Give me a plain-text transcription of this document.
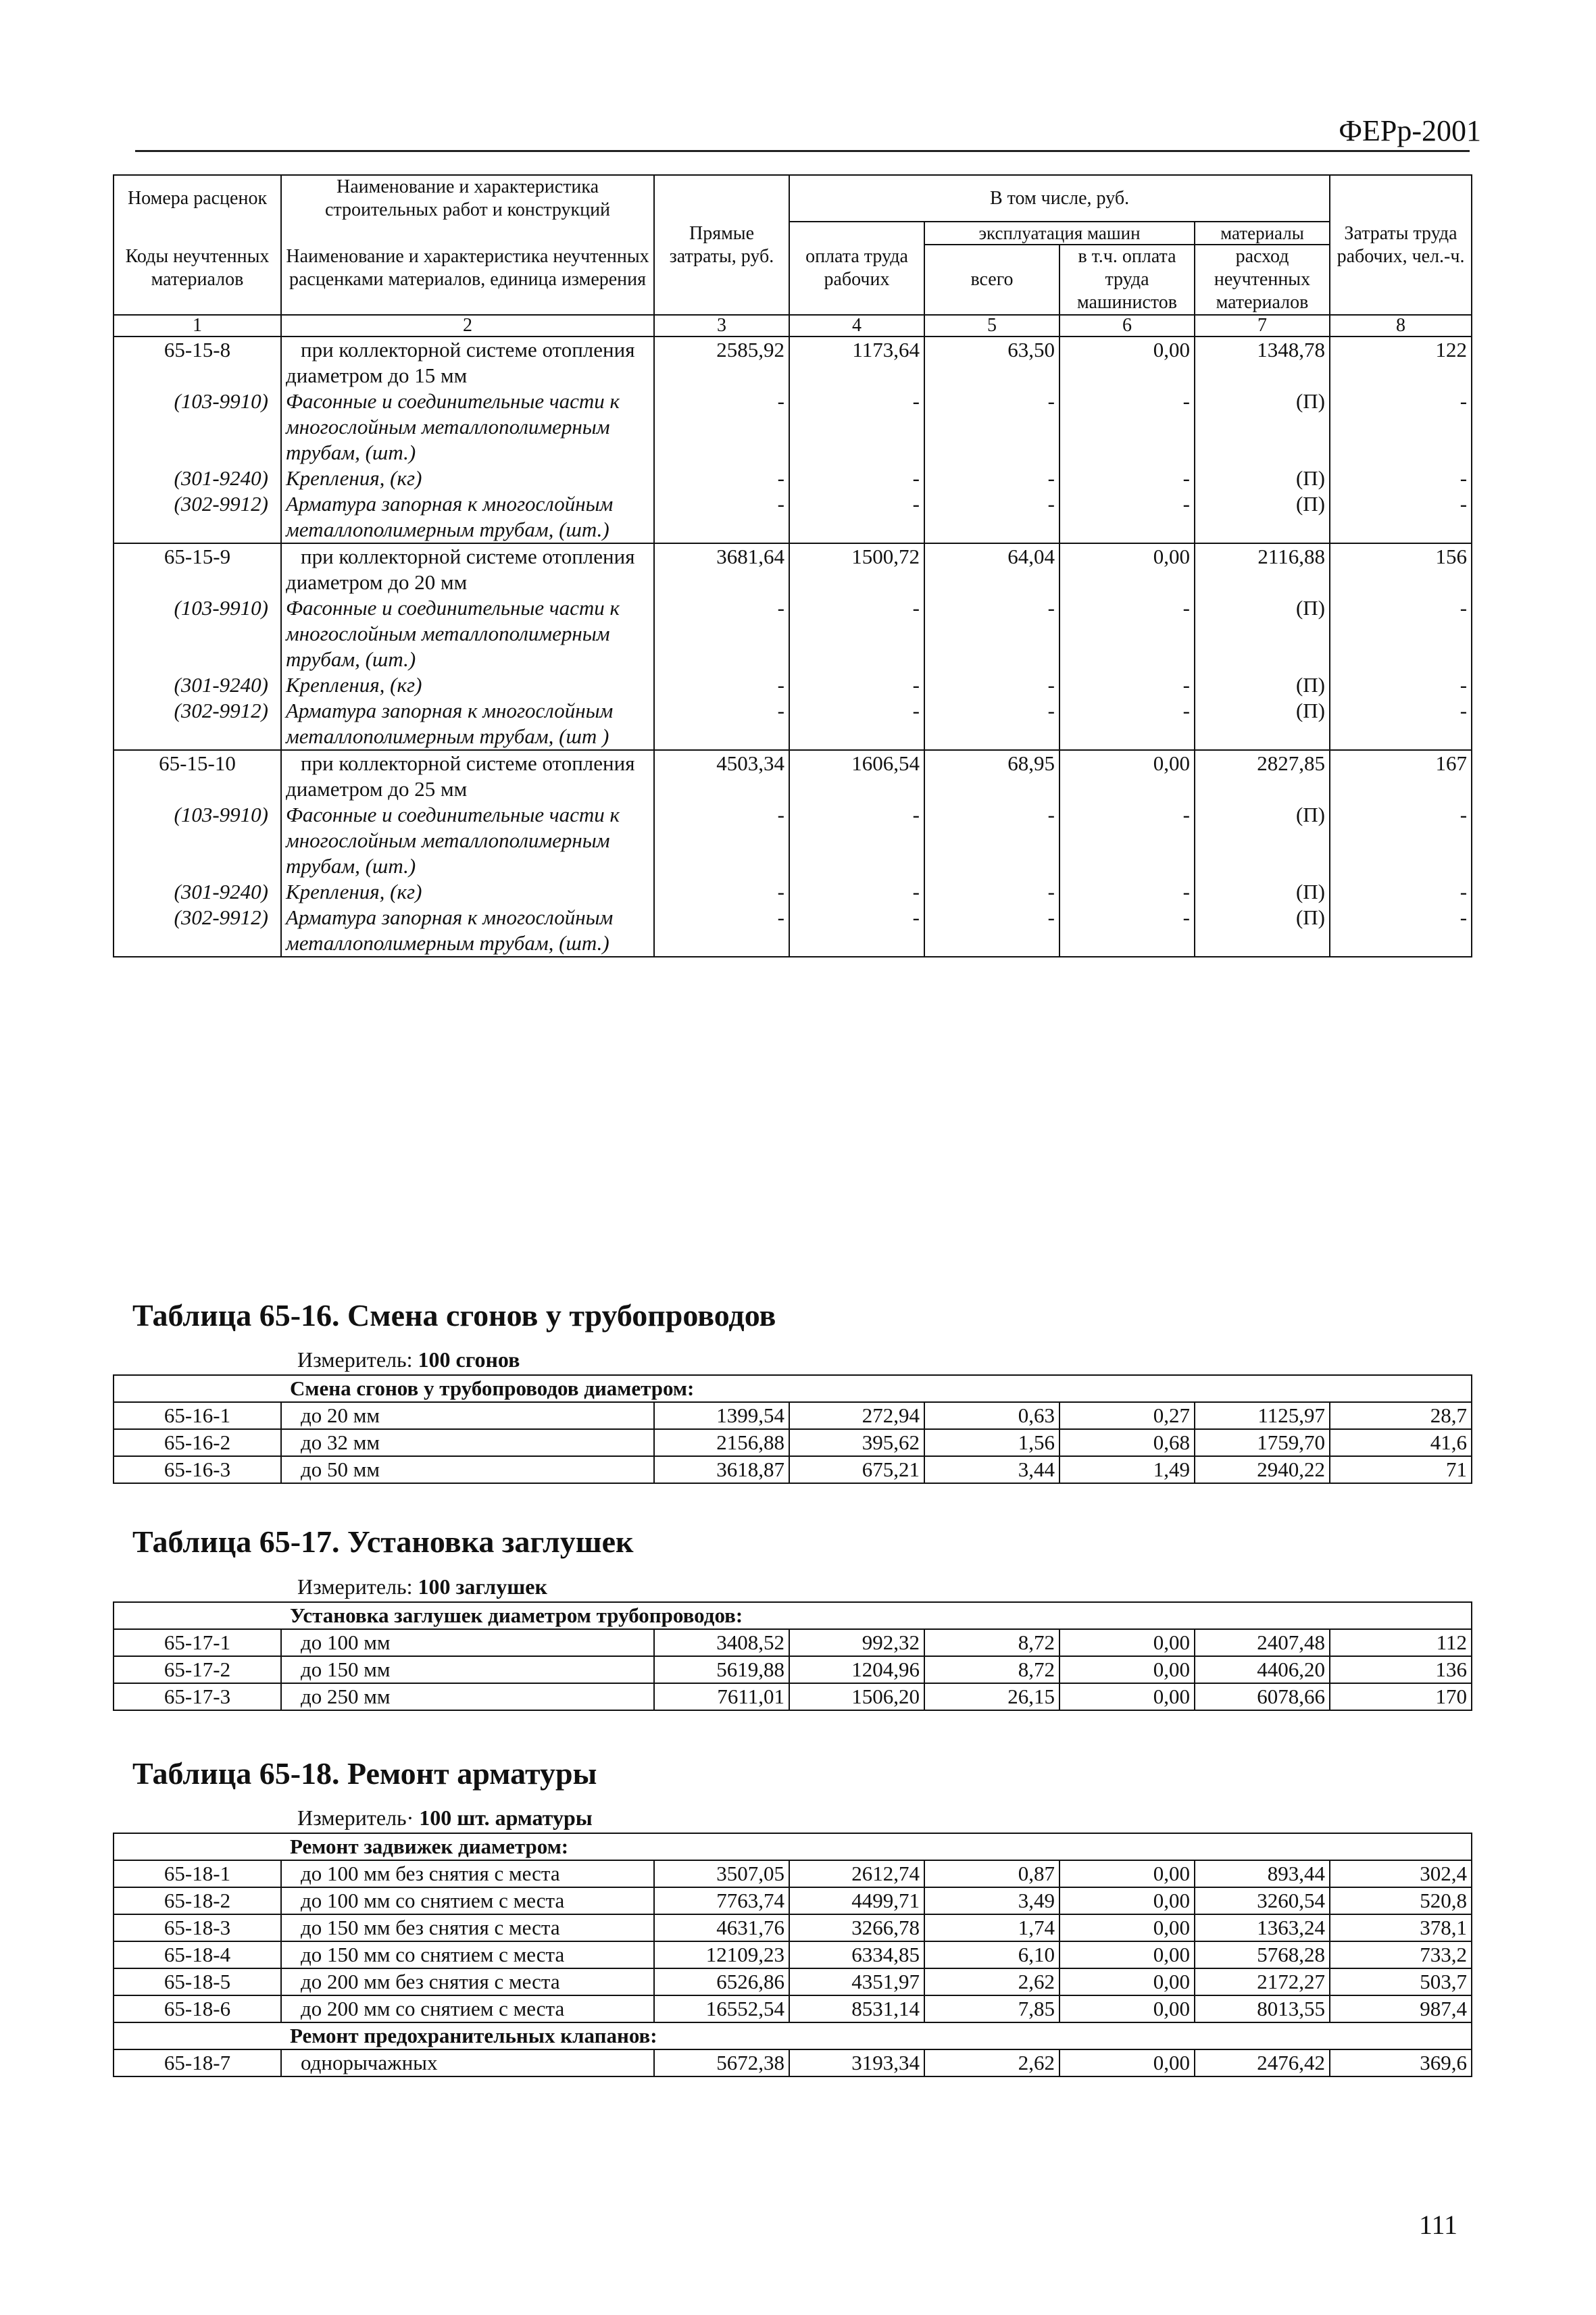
ФЕРр-2001
Номера расценок	Наименование и характеристика строительных работ и конструкций	Прямые затраты, руб.	В том числе, руб.				Затраты труда рабочих, чел.-ч.
Коды неучтенных материалов	Наименование и характеристика неучтенных расценками материалов, единица измерения		оплата труда рабочих	эксплуатация машин		материалы	
				всего	в т.ч. оплата труда машинистов	расход неучтенных материалов	

1	2	3	4	5	6	7	8
65-15-8	при коллекторной системе отопления диаметром до 15 мм	2585,92	1173,64	63,50	0,00	1348,78	122
(103-9910)	Фасонные и соединительные части к многослойным металлополимерным трубам, (шт.)	-	-	-	-	(П)	-
(301-9240)	Крепления, (кг)	-	-	-	-	(П)	-
(302-9912)	Арматура запорная к многослойным металлополимерным трубам, (шт.)	-	-	-	-	(П)	-
65-15-9	при коллекторной системе отопления диаметром до 20 мм	3681,64	1500,72	64,04	0,00	2116,88	156
(103-9910)	Фасонные и соединительные части к многослойным металлополимерным трубам, (шт.)	-	-	-	-	(П)	-
(301-9240)	Крепления, (кг)	-	-	-	-	(П)	-
(302-9912)	Арматура запорная к многослойным металлополимерным трубам, (шт )	-	-	-	-	(П)	-
65-15-10	при коллекторной системе отопления диаметром до 25 мм	4503,34	1606,54	68,95	0,00	2827,85	167
(103-9910)	Фасонные и соединительные части к многослойным металлополимерным трубам, (шт.)	-	-	-	-	(П)	-
(301-9240)	Крепления, (кг)	-	-	-	-	(П)	-
(302-9912)	Арматура запорная к многослойным металлополимерным трубам, (шт.)	-	-	-	-	(П)	-
Таблица 65-16. Смена сгонов у трубопроводов
Измеритель: 100 сгонов
Смена сгонов у трубопроводов диаметром:							
65-16-1	до 20 мм	1399,54	272,94	0,63	0,27	1125,97	28,7
65-16-2	до 32 мм	2156,88	395,62	1,56	0,68	1759,70	41,6
65-16-3	до 50 мм	3618,87	675,21	3,44	1,49	2940,22	71
Таблица 65-17. Установка заглушек
Измеритель: 100 заглушек
Установка заглушек диаметром трубопроводов:							
65-17-1	до 100 мм	3408,52	992,32	8,72	0,00	2407,48	112
65-17-2	до 150 мм	5619,88	1204,96	8,72	0,00	4406,20	136
65-17-3	до 250 мм	7611,01	1506,20	26,15	0,00	6078,66	170
Таблица 65-18. Ремонт арматуры
Измеритель· 100 шт. арматуры
Ремонт задвижек диаметром:							
65-18-1	до 100 мм без снятия с места	3507,05	2612,74	0,87	0,00	893,44	302,4
65-18-2	до 100 мм со снятием с места	7763,74	4499,71	3,49	0,00	3260,54	520,8
65-18-3	до 150 мм без снятия с места	4631,76	3266,78	1,74	0,00	1363,24	378,1
65-18-4	до 150 мм со снятием с места	12109,23	6334,85	6,10	0,00	5768,28	733,2
65-18-5	до 200 мм без снятия с места	6526,86	4351,97	2,62	0,00	2172,27	503,7
65-18-6	до 200 мм со снятием с места	16552,54	8531,14	7,85	0,00	8013,55	987,4
Ремонт предохранительных клапанов:							
65-18-7	однорычажных	5672,38	3193,34	2,62	0,00	2476,42	369,6
111
